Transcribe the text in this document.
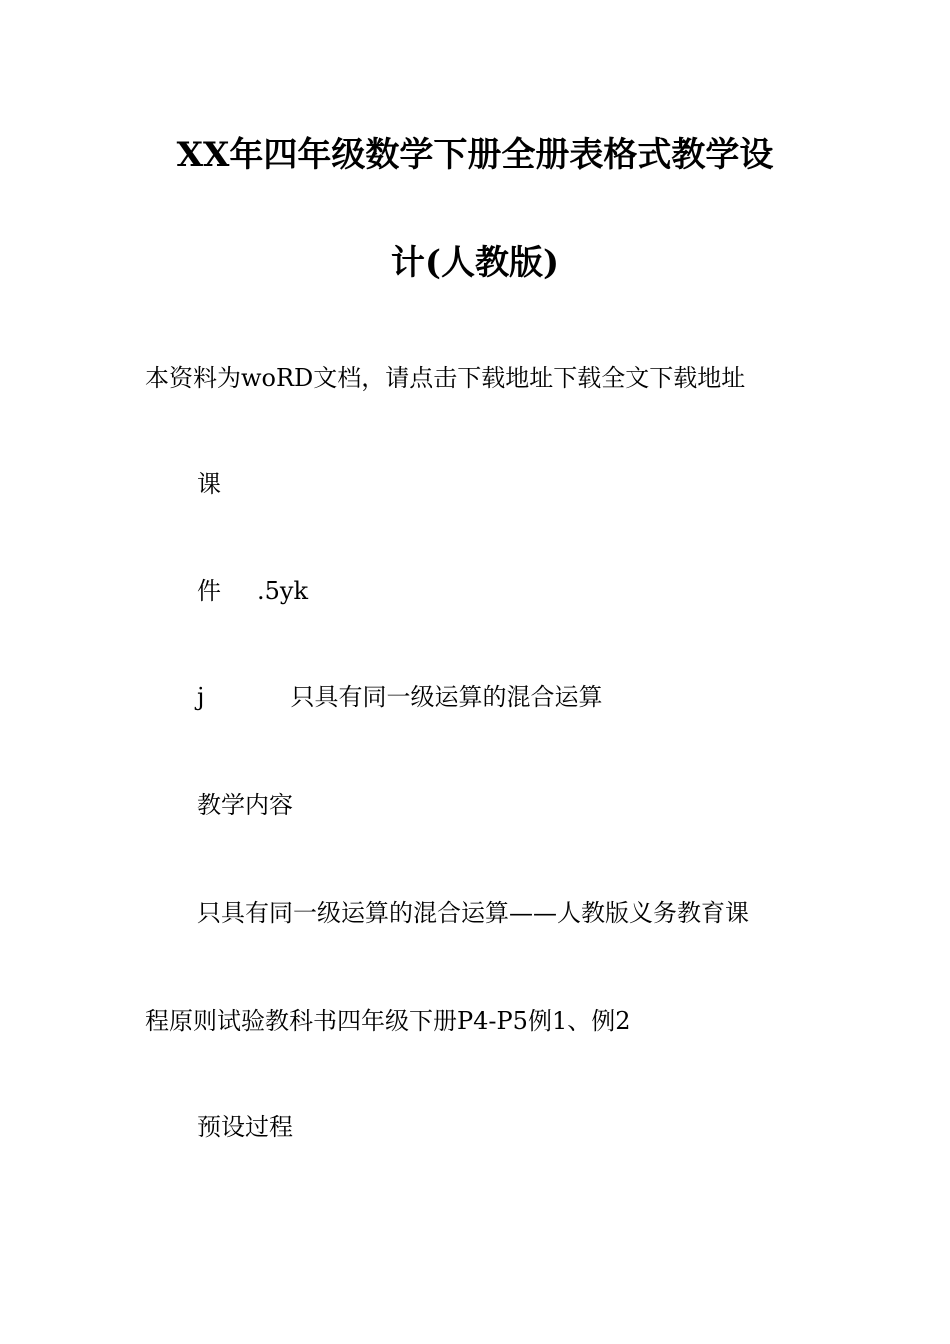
XX年四年级数学下册全册表格式教学设
计(人教版)
本资料为woRD文档，请点击下载地址下载全文下载地址
课
件 .5yk
j	只具有同一级运算的混合运算
教学内容
只具有同一级运算的混合运算——人教版义务教育课
程原则试验教科书四年级下册P4-P5例1、例2
预设过程
